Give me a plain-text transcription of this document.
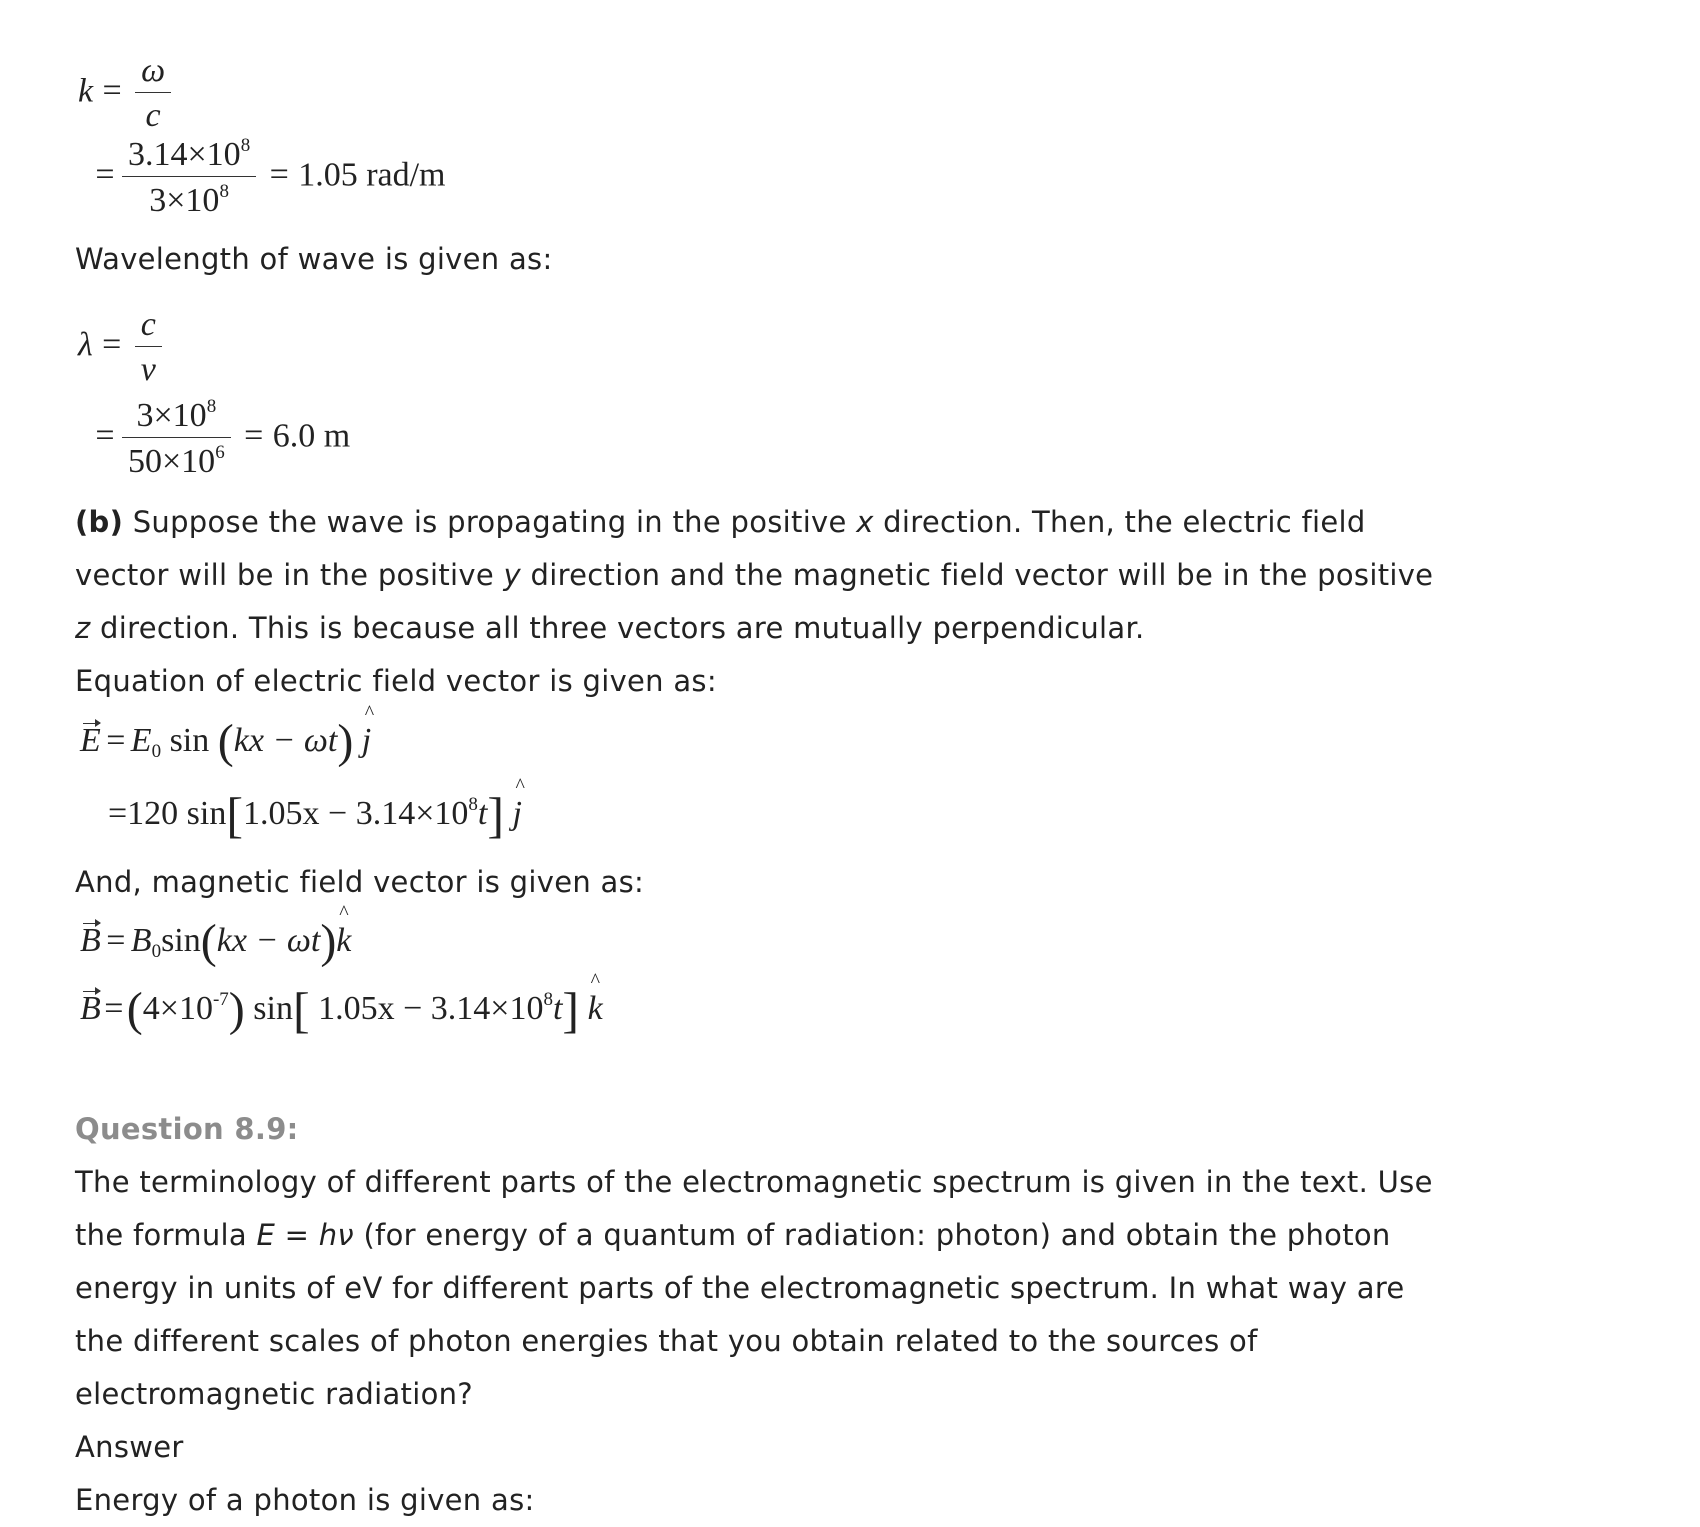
$k = \frac{\omega}{c}$
= $\frac{3.14\times 10^8}{3\times 10^8} = 1.05$ rad/m
Wavelength of wave is given as:
$\lambda = \frac{c}{\nu}$
= $\frac{3\times 10^8}{50\times 10^6} = 6.0$ m
(b) Suppose the wave is propagating in the positive x direction. Then, the electric field
vector will be in the positive y direction and the magnetic field vector will be in the positive
z direction. This is because all three vectors are mutually perpendicular.
Equation of electric field vector is given as:
$E = E_0$ sin (kx − ωt) ^ j
=120 $\sin[1.05x - 3.14\times 10^8t]$ ^ j
And, magnetic field vector is given as:
$B = B_0\sin(kx$ − ωt)^ k
$B =(4\times 10^{-7})$ sin[ $1.05x - 3.14\times 10^8t$] ^ k
Question 8.9:
The terminology of different parts of the electromagnetic spectrum is given in the text. Use
the formula E = hν (for energy of a quantum of radiation: photon) and obtain the photon
energy in units of eV for different parts of the electromagnetic spectrum. In what way are
the different scales of photon energies that you obtain related to the sources of
electromagnetic radiation?
Answer
Energy of a photon is given as:
